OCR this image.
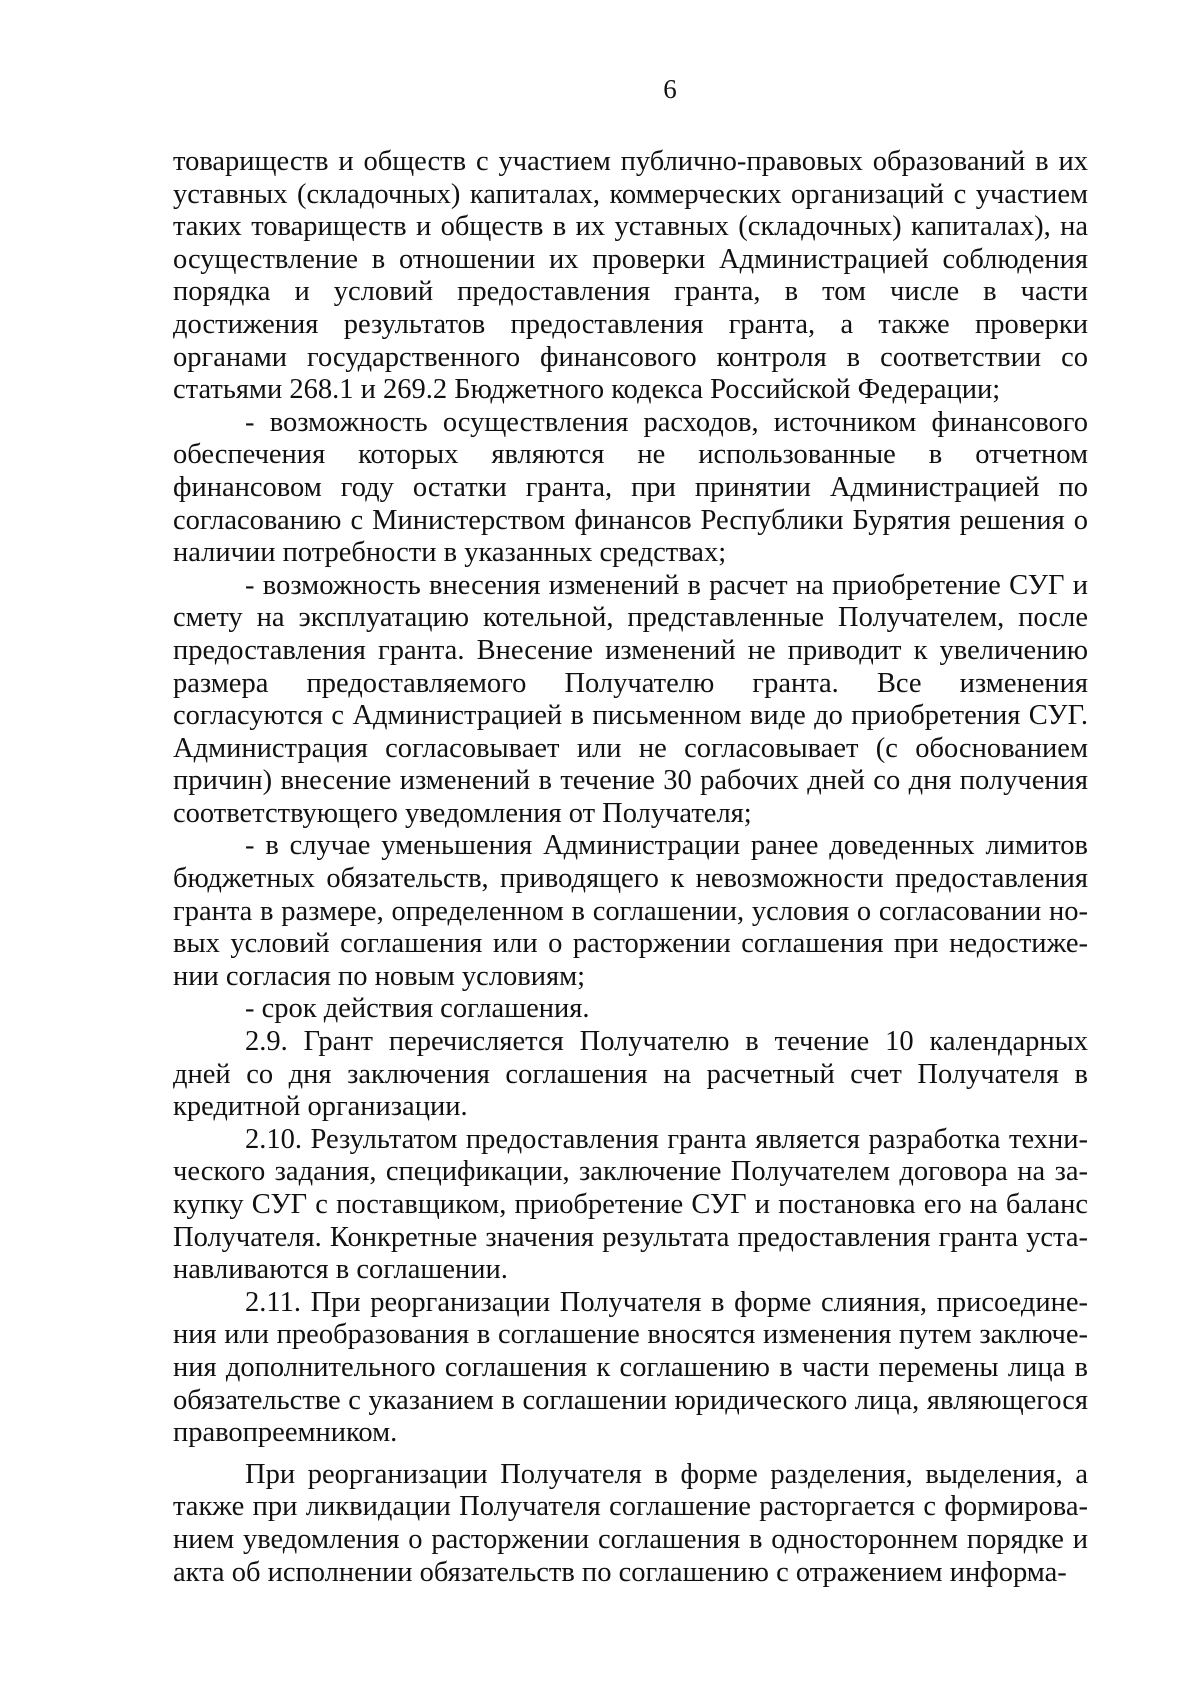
6

товариществ и обществ с участием публично-правовых образований в их уставных (складочных) капиталах, коммерческих организаций с участием таких товариществ и обществ в их уставных (складочных) капиталах), на осуществление в отношении их проверки Администрацией соблюдения порядка и условий предоставления гранта, в том числе в части достижения результатов предоставления гранта, а также проверки органами государственного финансового контроля в соответствии со статьями 268.1 и 269.2 Бюджетного кодекса Российской Федерации;

- возможность осуществления расходов, источником финансового обеспечения которых являются не использованные в отчетном финансовом году остатки гранта, при принятии Администрацией по согласованию с Министерством финансов Республики Бурятия решения о наличии потребности в указанных средствах;

- возможность внесения изменений в расчет на приобретение СУГ и смету на эксплуатацию котельной, представленные Получателем, после предоставления гранта. Внесение изменений не приводит к увеличению размера предоставляемого Получателю гранта. Все изменения согласуются с Администрацией в письменном виде до приобретения СУГ. Администрация согласовывает или не согласовывает (с обоснованием причин) внесение изменений в течение 30 рабочих дней со дня получения соответствующего уведомления от Получателя;

- в случае уменьшения Администрации ранее доведенных лимитов бюджетных обязательств, приводящего к невозможности предоставления гранта в размере, определенном в соглашении, условия о согласовании новых условий соглашения или о расторжении соглашения при недостижении согласия по новым условиям;

- срок действия соглашения.

2.9. Грант перечисляется Получателю в течение 10 календарных дней со дня заключения соглашения на расчетный счет Получателя в кредитной организации.

2.10. Результатом предоставления гранта является разработка технического задания, спецификации, заключение Получателем договора на закупку СУГ с поставщиком, приобретение СУГ и постановка его на баланс Получателя. Конкретные значения результата предоставления гранта устанавливаются в соглашении.

2.11. При реорганизации Получателя в форме слияния, присоединения или преобразования в соглашение вносятся изменения путем заключения дополнительного соглашения к соглашению в части перемены лица в обязательстве с указанием в соглашении юридического лица, являющегося правопреемником.

При реорганизации Получателя в форме разделения, выделения, а также при ликвидации Получателя соглашение расторгается с формированием уведомления о расторжении соглашения в одностороннем порядке и акта об исполнении обязательств по соглашению с отражением информа-
